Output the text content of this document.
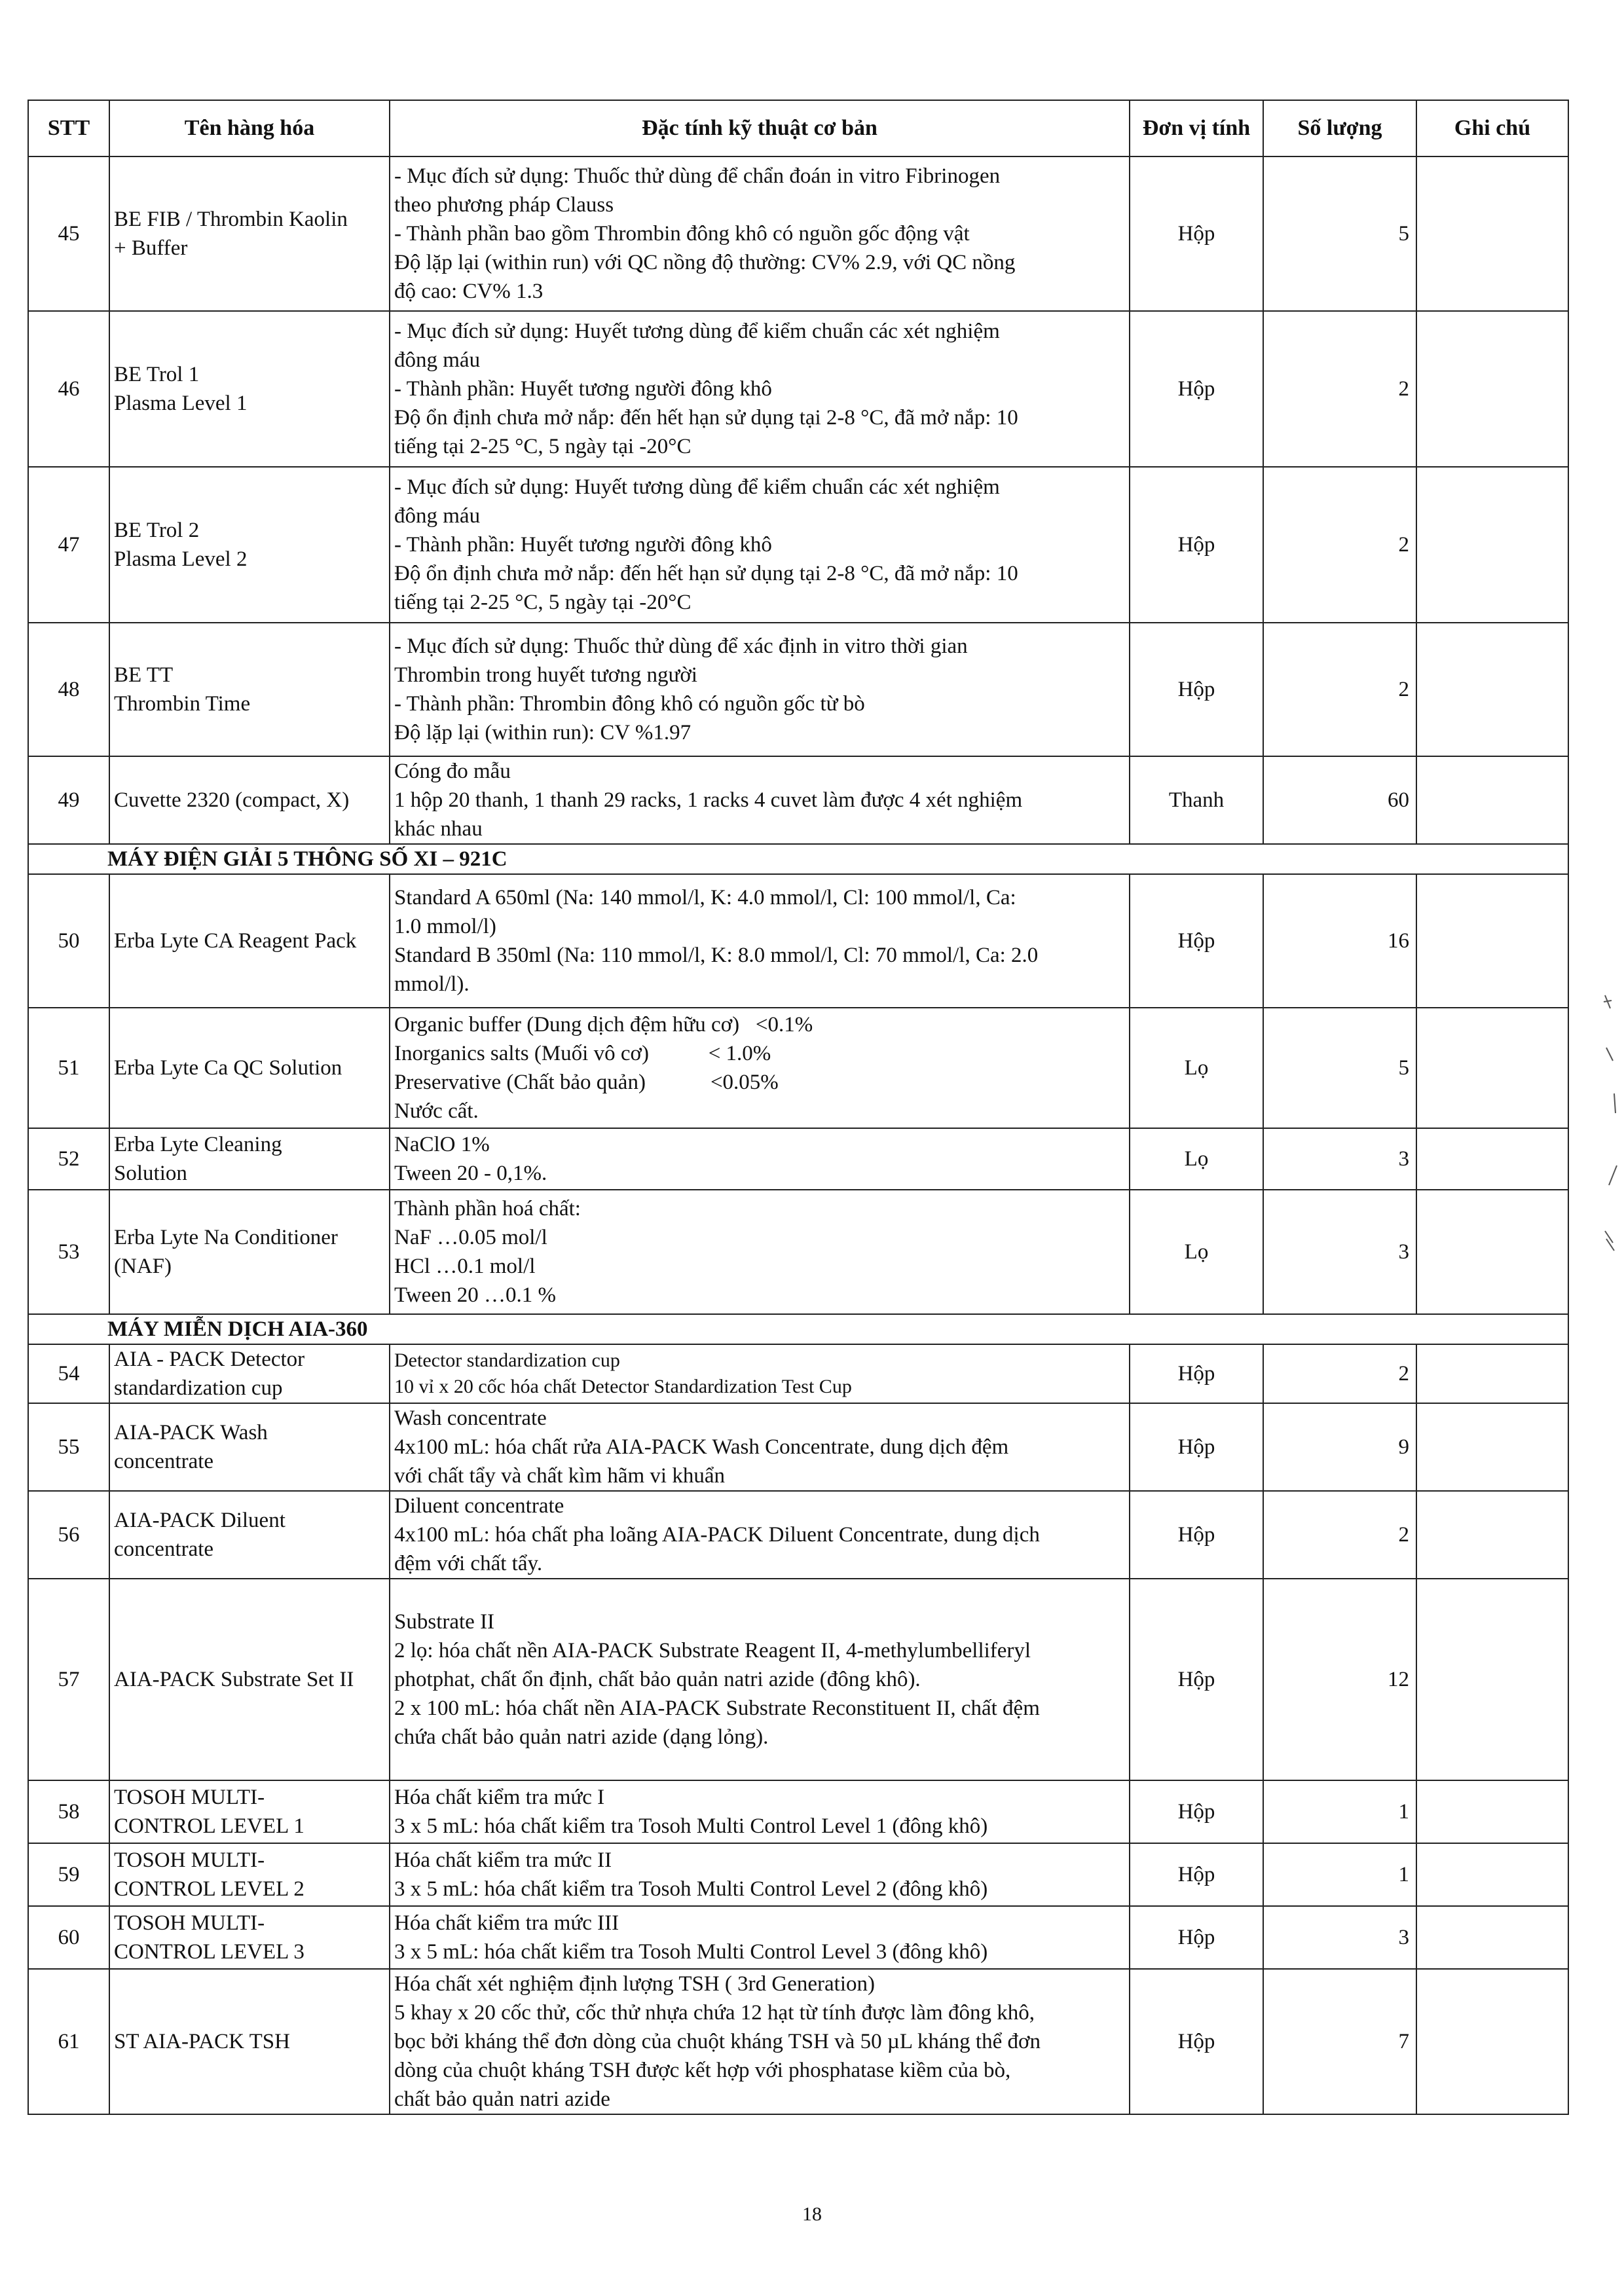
STT	Tên hàng hóa	Đặc tính kỹ thuật cơ bản	Đơn vị tính	Số lượng	Ghi chú
45	BE FIB / Thrombin Kaolin
+ Buffer	- Mục đích sử dụng: Thuốc thử dùng để chẩn đoán in vitro Fibrinogen
theo phương pháp Clauss
- Thành phần bao gồm Thrombin đông khô có nguồn gốc động vật
Độ lặp lại (within run) với QC nồng độ thường: CV% 2.9, với QC nồng
độ cao: CV% 1.3	Hộp	5	
46	BE Trol 1
Plasma Level 1	- Mục đích sử dụng: Huyết tương dùng để kiểm chuẩn các xét nghiệm
đông máu
- Thành phần: Huyết tương người đông khô
Độ ổn định chưa mở nắp: đến hết hạn sử dụng tại 2-8 °C, đã mở nắp: 10
tiếng tại 2-25 °C, 5 ngày tại -20°C	Hộp	2	
47	BE Trol 2
Plasma Level 2	- Mục đích sử dụng: Huyết tương dùng để kiểm chuẩn các xét nghiệm
đông máu
- Thành phần: Huyết tương người đông khô
Độ ổn định chưa mở nắp: đến hết hạn sử dụng tại 2-8 °C, đã mở nắp: 10
tiếng tại 2-25 °C, 5 ngày tại -20°C	Hộp	2	
48	BE TT
Thrombin Time	- Mục đích sử dụng: Thuốc thử dùng để xác định in vitro thời gian
Thrombin trong huyết tương người
- Thành phần: Thrombin đông khô có nguồn gốc từ bò
Độ lặp lại (within run): CV %1.97	Hộp	2	
49	Cuvette 2320 (compact, X)	Cóng đo mẫu
1 hộp 20 thanh, 1 thanh 29 racks, 1 racks 4 cuvet làm được 4 xét nghiệm
khác nhau	Thanh	60	
MÁY ĐIỆN GIẢI 5 THÔNG SỐ XI – 921C					
50	Erba Lyte CA Reagent Pack	Standard A 650ml (Na: 140 mmol/l, K: 4.0 mmol/l, Cl: 100 mmol/l, Ca:
1.0 mmol/l)
Standard B 350ml (Na: 110 mmol/l, K: 8.0 mmol/l, Cl: 70 mmol/l, Ca: 2.0
mmol/l).	Hộp	16	
51	Erba Lyte Ca QC Solution	Organic buffer (Dung dịch đệm hữu cơ)   <0.1%
Inorganics salts (Muối vô cơ)           < 1.0%
Preservative (Chất bảo quản)            <0.05%
Nước cất.	Lọ	5	
52	Erba Lyte Cleaning
Solution	NaClO 1%
Tween 20 - 0,1%.	Lọ	3	
53	Erba Lyte Na Conditioner
(NAF)	Thành phần hoá chất:
NaF …0.05 mol/l
HCl …0.1 mol/l
Tween 20 …0.1 %	Lọ	3	
MÁY MIỄN DỊCH AIA-360					
54	AIA - PACK Detector
standardization cup	Detector standardization cup
10 vỉ x 20 cốc hóa chất Detector Standardization Test Cup	Hộp	2	
55	AIA-PACK Wash
concentrate	Wash concentrate
4x100 mL: hóa chất rửa AIA-PACK Wash Concentrate, dung dịch đệm
với chất tẩy và chất kìm hãm vi khuẩn	Hộp	9	
56	AIA-PACK Diluent
concentrate	Diluent concentrate
4x100 mL: hóa chất pha loãng AIA-PACK Diluent Concentrate, dung dịch
đệm với chất tẩy.	Hộp	2	
57	AIA-PACK Substrate Set II	Substrate II
2 lọ: hóa chất nền AIA-PACK Substrate Reagent II, 4-methylumbelliferyl
photphat, chất ổn định, chất bảo quản natri azide (đông khô).
2 x 100 mL: hóa chất nền AIA-PACK Substrate Reconstituent II, chất đệm
chứa chất bảo quản natri azide (dạng lỏng).	Hộp	12	
58	TOSOH MULTI-
CONTROL LEVEL 1	Hóa chất kiểm tra mức I
3 x 5 mL: hóa chất kiểm tra Tosoh Multi Control Level 1 (đông khô)	Hộp	1	
59	TOSOH MULTI-
CONTROL LEVEL 2	Hóa chất kiểm tra mức II
3 x 5 mL: hóa chất kiểm tra Tosoh Multi Control Level 2 (đông khô)	Hộp	1	
60	TOSOH MULTI-
CONTROL LEVEL 3	Hóa chất kiểm tra mức III
3 x 5 mL: hóa chất kiểm tra Tosoh Multi Control Level 3 (đông khô)	Hộp	3	
61	ST AIA-PACK TSH	Hóa chất xét nghiệm định lượng TSH ( 3rd Generation)
5 khay x 20 cốc thử, cốc thử nhựa chứa 12 hạt từ tính được làm đông khô,
bọc bởi kháng thể đơn dòng của chuột kháng TSH và 50 µL kháng thể đơn
dòng của chuột kháng TSH được kết hợp với phosphatase kiềm của bò,
chất bảo quản natri azide	Hộp	7	
18
